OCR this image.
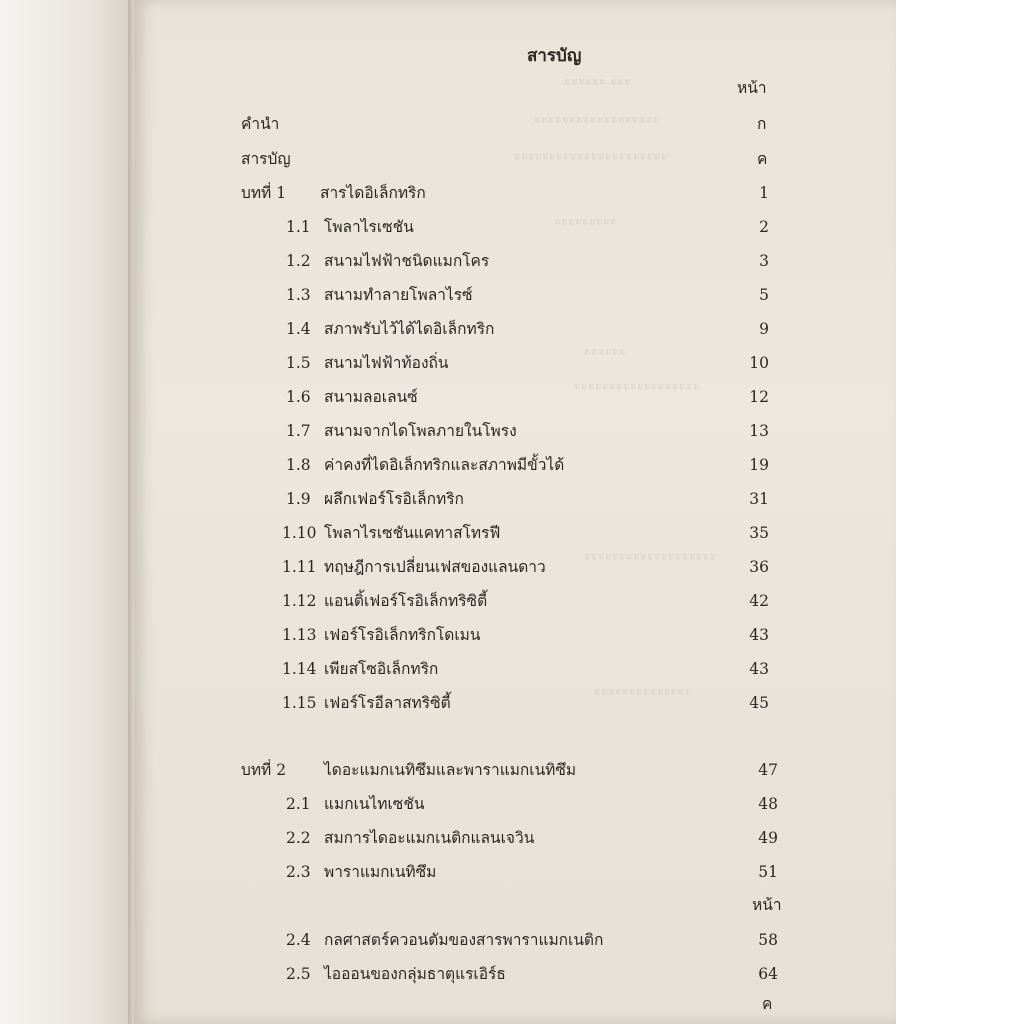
ะะะะะะ ะะะ
ะะะะะะะะะะะะะะะะะะ
ะะะะะะะะะะะะะะะะะะะะะะ
ะะะะะะะะะ
ะะะะะะ
ะะะะะะะะะะะะะะะะะะ
ะะะะะะะะะะะะะะะะะะะ
ะะะะะะะะะะะะะะ
สารบัญ
หน้า
คำนำ	ก
สารบัญ	ค
บทที่ 1 สารไดอิเล็กทริก	1
1.1 โพลาไรเซชัน	2
1.2 สนามไฟฟ้าชนิดแมกโคร	3
1.3 สนามทำลายโพลาไรซ์	5
1.4 สภาพรับไว้ได้ไดอิเล็กทริก	9
1.5 สนามไฟฟ้าท้องถิ่น	10
1.6 สนามลอเลนซ์	12
1.7 สนามจากไดโพลภายในโพรง	13
1.8 ค่าคงที่ไดอิเล็กทริกและสภาพมีขั้วได้	19
1.9 ผลึกเฟอร์โรอิเล็กทริก	31
1.10 โพลาไรเซชันแคทาสโทรฟี	35
1.11 ทฤษฎีการเปลี่ยนเฟสของแลนดาว	36
1.12 แอนติ้เฟอร์โรอิเล็กทริซิตี้	42
1.13 เฟอร์โรอิเล็กทริกโดเมน	43
1.14 เพียสโซอิเล็กทริก	43
1.15 เฟอร์โรอีลาสทริซิตี้	45
บทที่ 2 ไดอะแมกเนทิซึมและพาราแมกเนทิซึม	47
2.1 แมกเนไทเซชัน	48
2.2 สมการไดอะแมกเนติกแลนเจวิน	49
2.3 พาราแมกเนทิซึม	51
หน้า
2.4 กลศาสตร์ควอนตัมของสารพาราแมกเนติก	58
2.5 ไอออนของกลุ่มธาตุแรเอิร์ธ	64
ค
